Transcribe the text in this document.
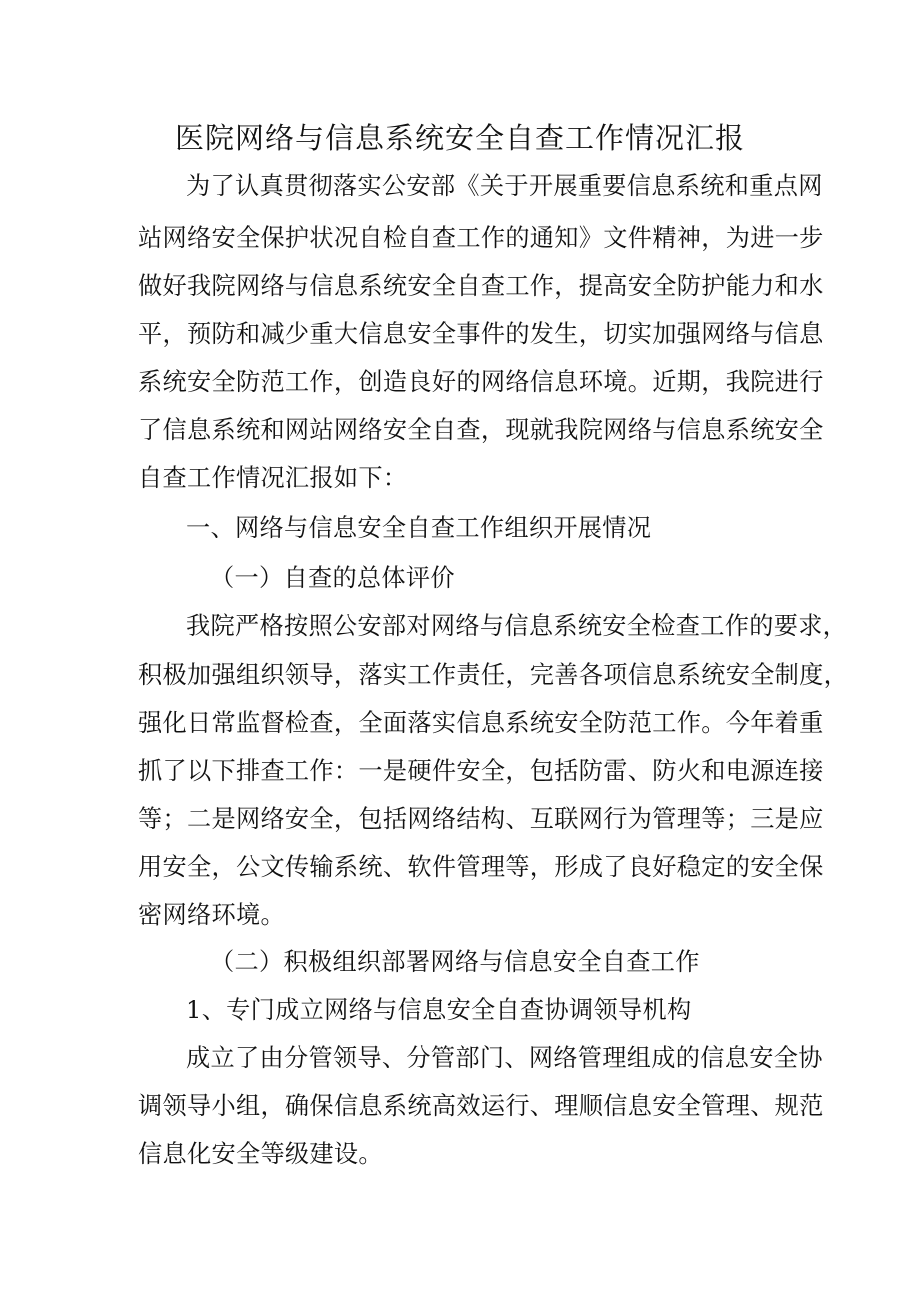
医院网络与信息系统安全自查工作情况汇报
为了认真贯彻落实公安部《关于开展重要信息系统和重点网
站网络安全保护状况自检自查工作的通知》文件精神，为进一步
做好我院网络与信息系统安全自查工作，提高安全防护能力和水
平，预防和减少重大信息安全事件的发生，切实加强网络与信息
系统安全防范工作，创造良好的网络信息环境。近期，我院进行
了信息系统和网站网络安全自查，现就我院网络与信息系统安全
自查工作情况汇报如下：
一、网络与信息安全自查工作组织开展情况
（一）自查的总体评价
我院严格按照公安部对网络与信息系统安全检查工作的要求，
积极加强组织领导，落实工作责任，完善各项信息系统安全制度，
强化日常监督检查，全面落实信息系统安全防范工作。今年着重
抓了以下排查工作：一是硬件安全，包括防雷、防火和电源连接
等；二是网络安全，包括网络结构、互联网行为管理等；三是应
用安全，公文传输系统、软件管理等，形成了良好稳定的安全保
密网络环境。
（二）积极组织部署网络与信息安全自查工作
1、专门成立网络与信息安全自查协调领导机构
成立了由分管领导、分管部门、网络管理组成的信息安全协
调领导小组，确保信息系统高效运行、理顺信息安全管理、规范
信息化安全等级建设。
